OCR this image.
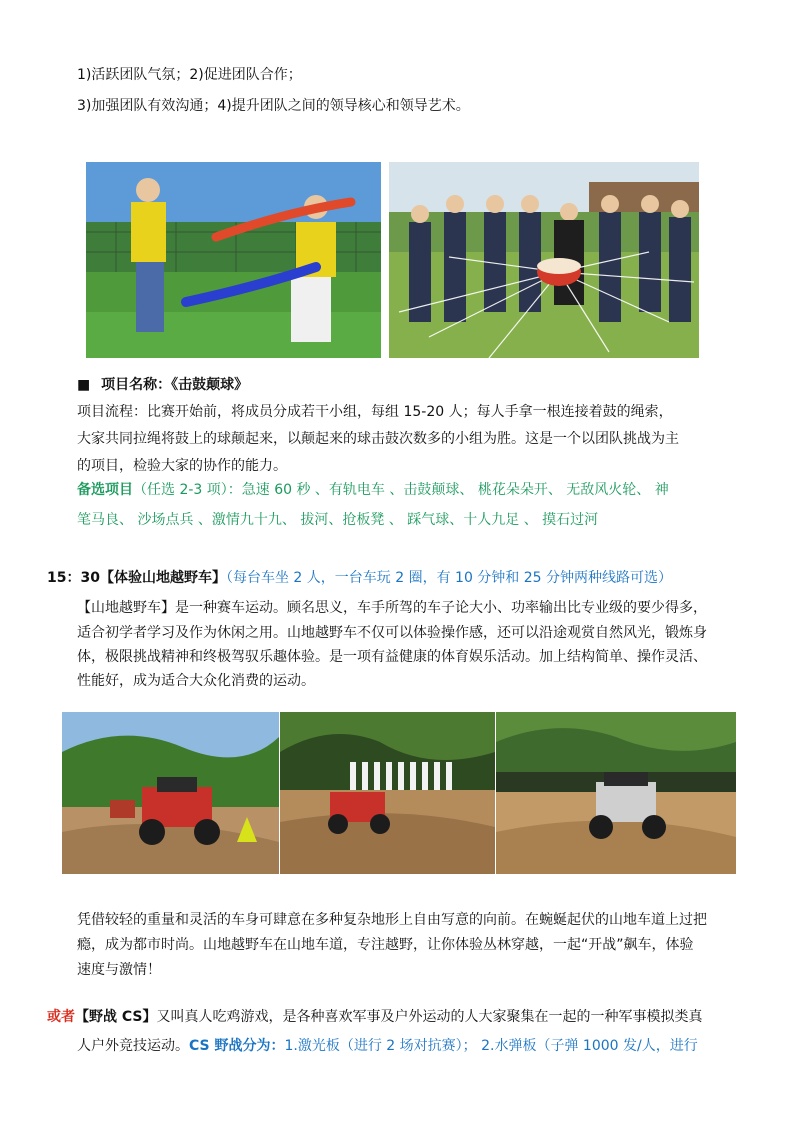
1)活跃团队气氛；2)促进团队合作；
3)加强团队有效沟通；4)提升团队之间的领导核心和领导艺术。
■ 项目名称：《击鼓颠球》
项目流程：比赛开始前，将成员分成若干小组，每组 15-20 人；每人手拿一根连接着鼓的绳索，
大家共同拉绳将鼓上的球颠起来，以颠起来的球击鼓次数多的小组为胜。这是一个以团队挑战为主
的项目，检验大家的协作的能力。
备选项目（任选 2-3 项）：急速 60 秒 、有轨电车 、击鼓颠球、 桃花朵朵开、 无敌风火轮、 神
笔马良、 沙场点兵 、激情九十九、 拔河、抢板凳 、 踩气球、十人九足 、 摸石过河
15：30【体验山地越野车】（每台车坐 2 人，一台车玩 2 圈，有 10 分钟和 25 分钟两种线路可选）
【山地越野车】是一种赛车运动。顾名思义，车手所驾的车子论大小、功率输出比专业级的要少得多，
适合初学者学习及作为休闲之用。山地越野车不仅可以体验操作感，还可以沿途观赏自然风光，锻炼身
体，极限挑战精神和终极驾驭乐趣体验。是一项有益健康的体育娱乐活动。加上结构简单、操作灵活、
性能好，成为适合大众化消费的运动。
凭借较轻的重量和灵活的车身可肆意在多种复杂地形上自由写意的向前。在蜿蜒起伏的山地车道上过把
瘾，成为都市时尚。山地越野车在山地车道，专注越野，让你体验丛林穿越，一起“开战”飙车，体验
速度与激情！
或者【野战 CS】又叫真人吃鸡游戏，是各种喜欢军事及户外运动的人大家聚集在一起的一种军事模拟类真
人户外竞技运动。CS 野战分为：1.激光板（进行 2 场对抗赛）； 2.水弹板（子弹 1000 发/人，进行
